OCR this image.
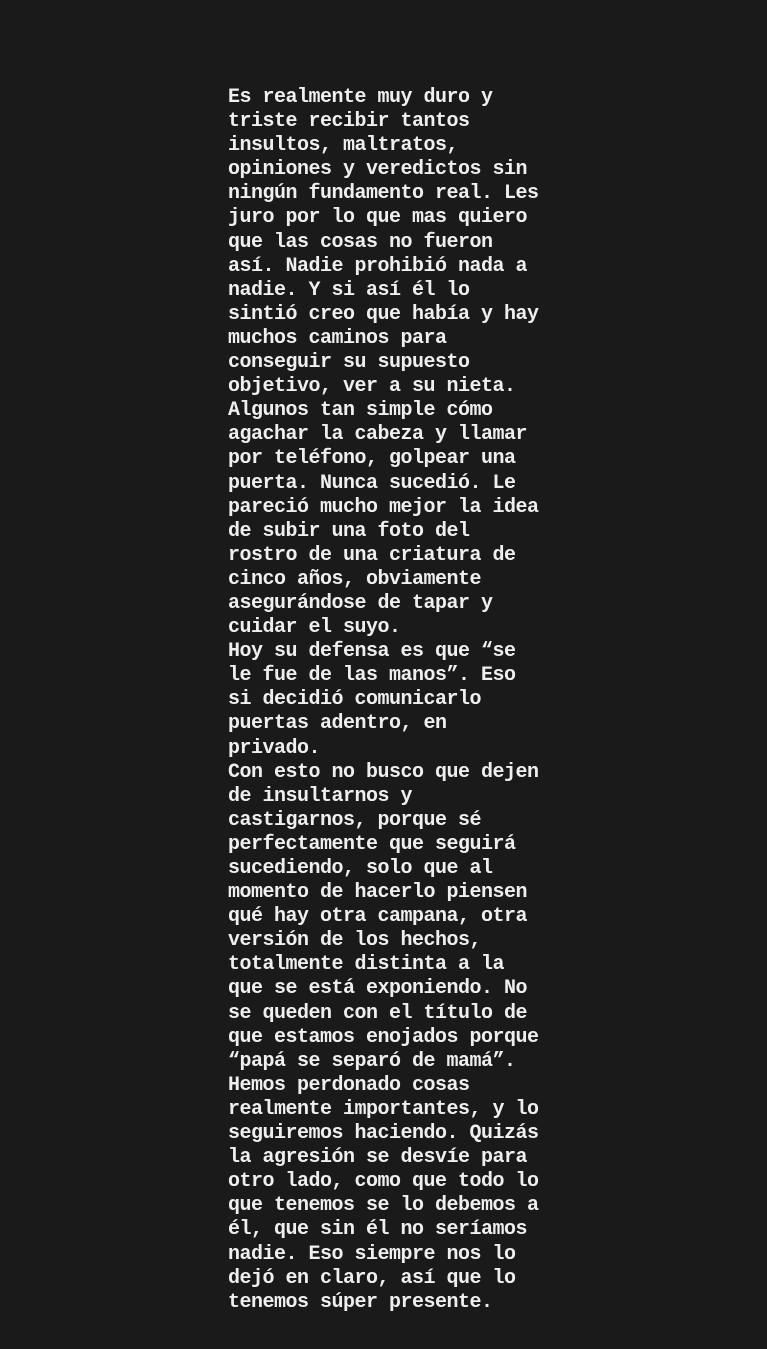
Es realmente muy duro y
triste recibir tantos
insultos, maltratos,
opiniones y veredictos sin
ningún fundamento real. Les
juro por lo que mas quiero
que las cosas no fueron
así. Nadie prohibió nada a
nadie. Y si así él lo
sintió creo que había y hay
muchos caminos para
conseguir su supuesto
objetivo, ver a su nieta.
Algunos tan simple cómo
agachar la cabeza y llamar
por teléfono, golpear una
puerta. Nunca sucedió. Le
pareció mucho mejor la idea
de subir una foto del
rostro de una criatura de
cinco años, obviamente
asegurándose de tapar y
cuidar el suyo.
Hoy su defensa es que “se
le fue de las manos”. Eso
si decidió comunicarlo
puertas adentro, en
privado.
Con esto no busco que dejen
de insultarnos y
castigarnos, porque sé
perfectamente que seguirá
sucediendo, solo que al
momento de hacerlo piensen
qué hay otra campana, otra
versión de los hechos,
totalmente distinta a la
que se está exponiendo. No
se queden con el título de
que estamos enojados porque
“papá se separó de mamá”.
Hemos perdonado cosas
realmente importantes, y lo
seguiremos haciendo. Quizás
la agresión se desvíe para
otro lado, como que todo lo
que tenemos se lo debemos a
él, que sin él no seríamos
nadie. Eso siempre nos lo
dejó en claro, así que lo
tenemos súper presente.
